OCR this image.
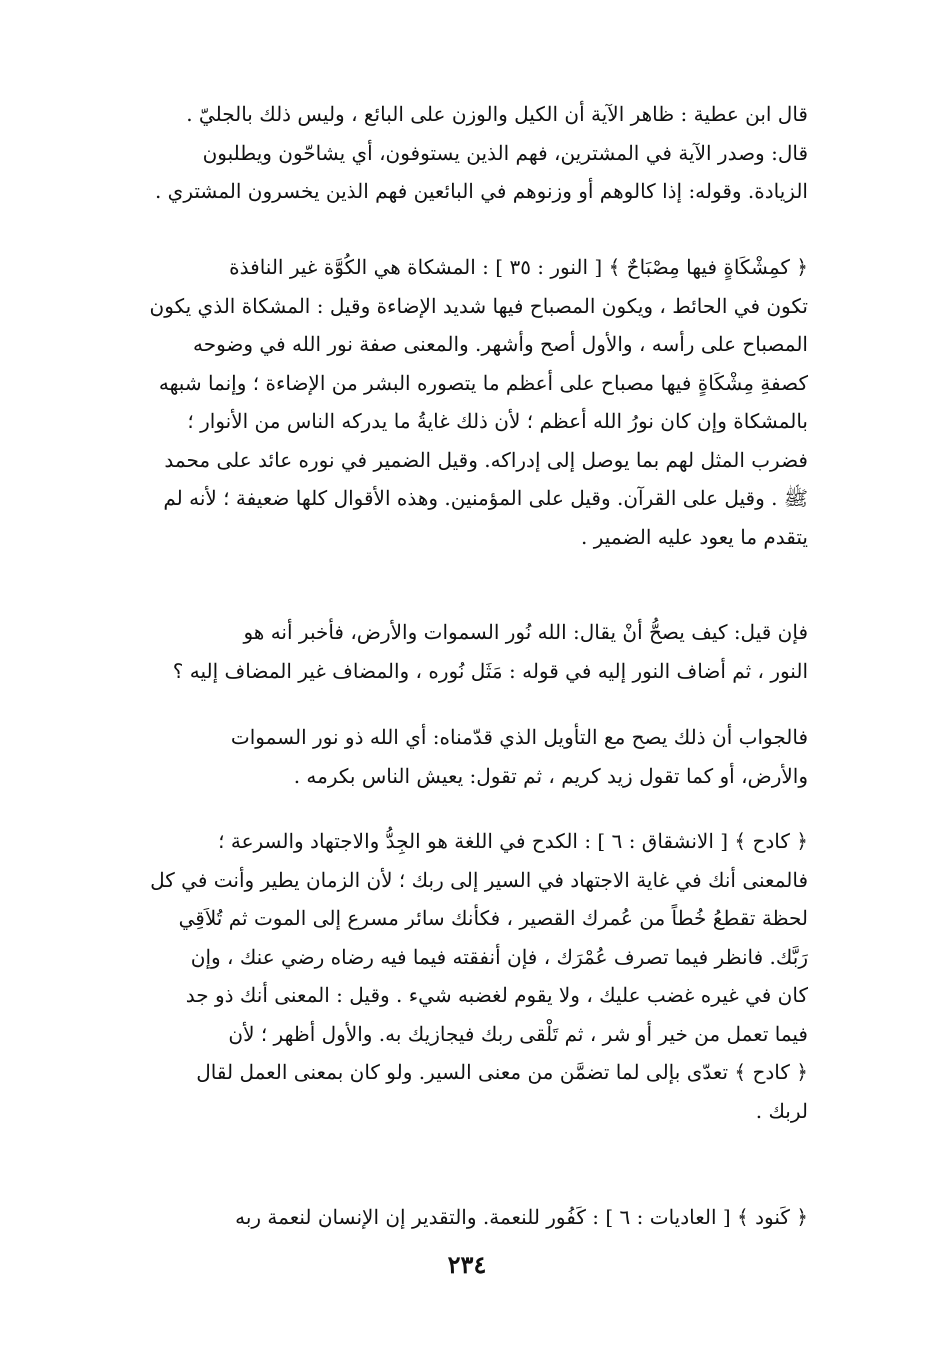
قال ابن عطية : ظاهر الآية أن الكيل والوزن على البائع ، وليس ذلك بالجليّ .
قال: وصدر الآية في المشترين، فهم الذين يستوفون، أي يشاحّون ويطلبون
الزيادة. وقوله: إذا كالوهم أو وزنوهم في البائعين فهم الذين يخسرون المشتري .

﴿ كمِشْكَاةٍ فيها مِصْبَاحٌ ﴾ [ النور : ٣٥ ] : المشكاة هي الكُوَّة غير النافذة
تكون في الحائط ، ويكون المصباح فيها شديد الإضاءة وقيل : المشكاة الذي يكون
المصباح على رأسه ، والأول أصح وأشهر. والمعنى صفة نور الله في وضوحه
كصفةِ مِشْكَاةٍ فيها مصباح على أعظم ما يتصوره البشر من الإضاءة ؛ وإنما شبهه
بالمشكاة وإن كان نورُ الله أعظم ؛ لأن ذلك غايةُ ما يدركه الناس من الأنوار ؛
فضرب المثل لهم بما يوصل إلى إدراكه. وقيل الضمير في نوره عائد على محمد
ﷺ . وقيل على القرآن. وقيل على المؤمنين. وهذه الأقوال كلها ضعيفة ؛ لأنه لم
يتقدم ما يعود عليه الضمير .

فإن قيل: كيف يصحُّ أنْ يقال: الله نُور السموات والأرض، فأخبر أنه هو
النور ، ثم أضاف النور إليه في قوله : مَثَل نُوره ، والمضاف غير المضاف إليه ؟

فالجواب أن ذلك يصح مع التأويل الذي قدّمناه: أي الله ذو نور السموات
والأرض، أو كما تقول زيد كريم ، ثم تقول: يعيش الناس بكرمه .

﴿ كادح ﴾ [ الانشقاق : ٦ ] : الكدح في اللغة هو الجِدُّ والاجتهاد والسرعة ؛
فالمعنى أنك في غاية الاجتهاد في السير إلى ربك ؛ لأن الزمان يطير وأنت في كل
لحظة تقطعُ خُطاً من عُمرك القصير ، فكأنك سائر مسرع إلى الموت ثم تُلاَقِي
رَبَّك. فانظر فيما تصرف عُمْرَك ، فإن أنفقته فيما فيه رضاه رضي عنك ، وإن
كان في غيره غضب عليك ، ولا يقوم لغضبه شيء . وقيل : المعنى أنك ذو جد
فيما تعمل من خير أو شر ، ثم تَلْقى ربك فيجازيك به. والأول أظهر ؛ لأن
﴿ كادح ﴾ تعدّى بإلى لما تضمَّن من معنى السير. ولو كان بمعنى العمل لقال
لربك .

﴿ كَنود ﴾ [ العاديات : ٦ ] : كَفُور للنعمة. والتقدير إن الإنسان لنعمة ربه

٢٣٤
